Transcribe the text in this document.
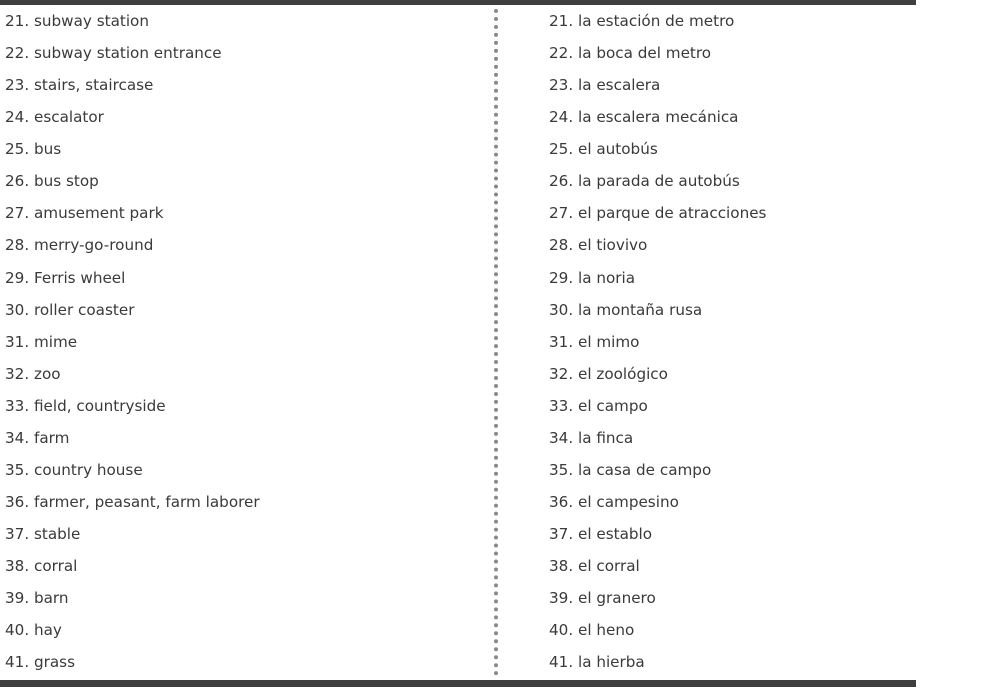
21. subway station
22. subway station entrance
23. stairs, staircase
24. escalator
25. bus
26. bus stop
27. amusement park
28. merry-go-round
29. Ferris wheel
30. roller coaster
31. mime
32. zoo
33. field, countryside
34. farm
35. country house
36. farmer, peasant, farm laborer
37. stable
38. corral
39. barn
40. hay
41. grass
21. la estación de metro
22. la boca del metro
23. la escalera
24. la escalera mecánica
25. el autobús
26. la parada de autobús
27. el parque de atracciones
28. el tiovivo
29. la noria
30. la montaña rusa
31. el mimo
32. el zoológico
33. el campo
34. la finca
35. la casa de campo
36. el campesino
37. el establo
38. el corral
39. el granero
40. el heno
41. la hierba
